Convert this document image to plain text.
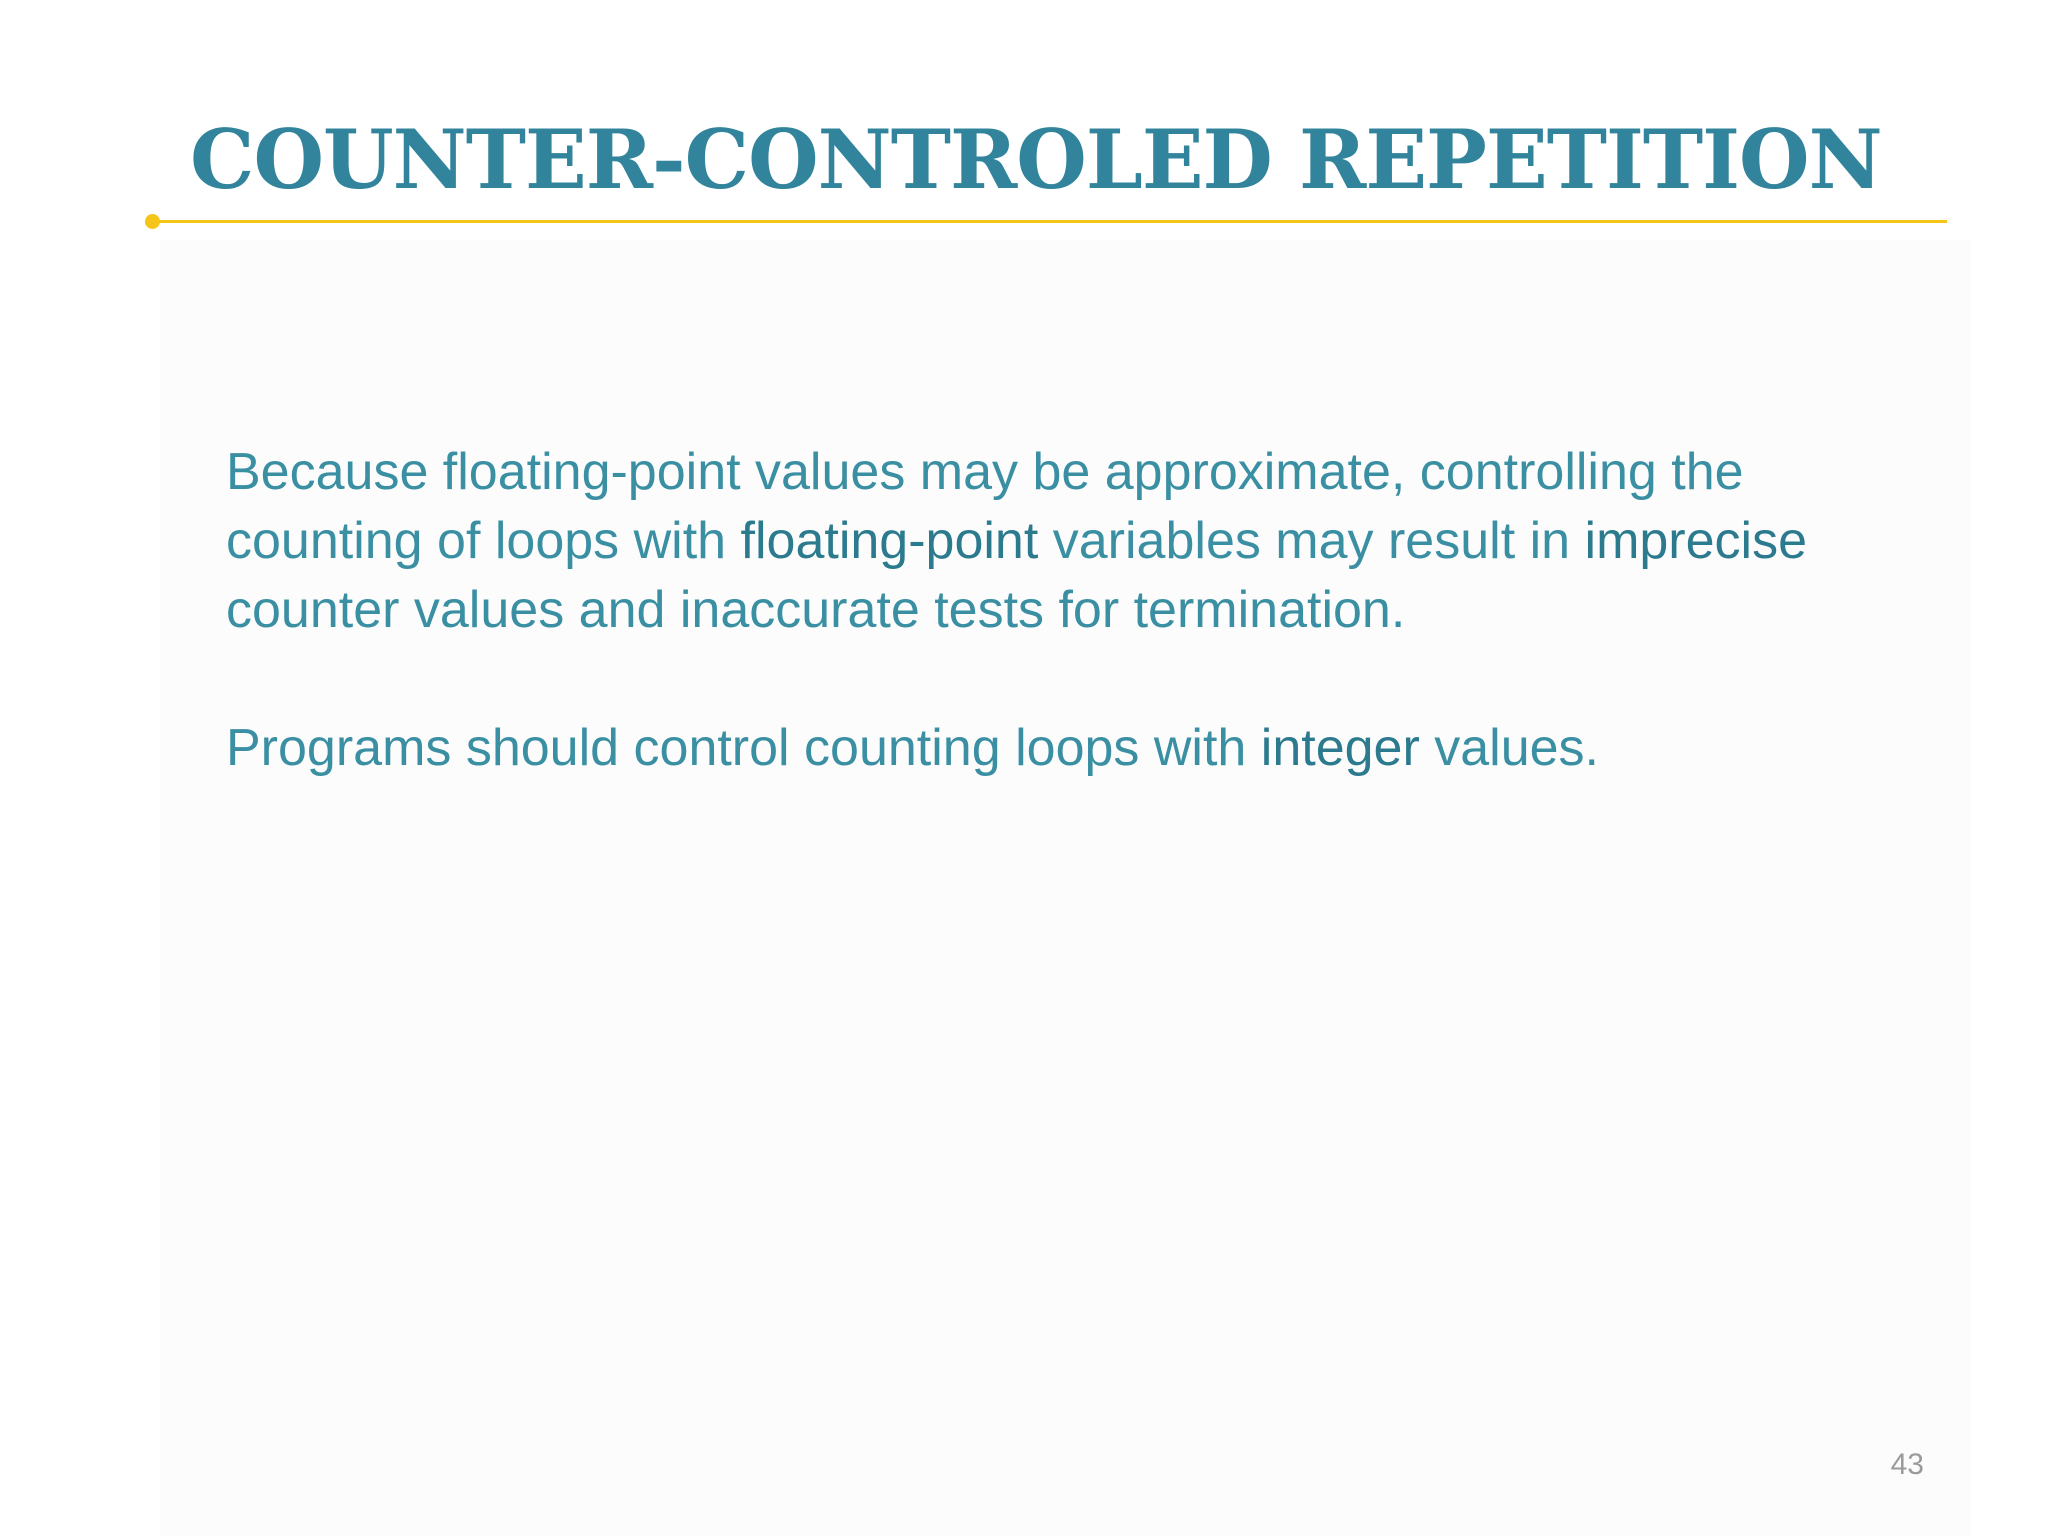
COUNTER-CONTROLED REPETITION

Because floating-point values may be approximate, controlling the
counting of loops with floating-point variables may result in imprecise
counter values and inaccurate tests for termination.

Programs should control counting loops with integer values.

43
